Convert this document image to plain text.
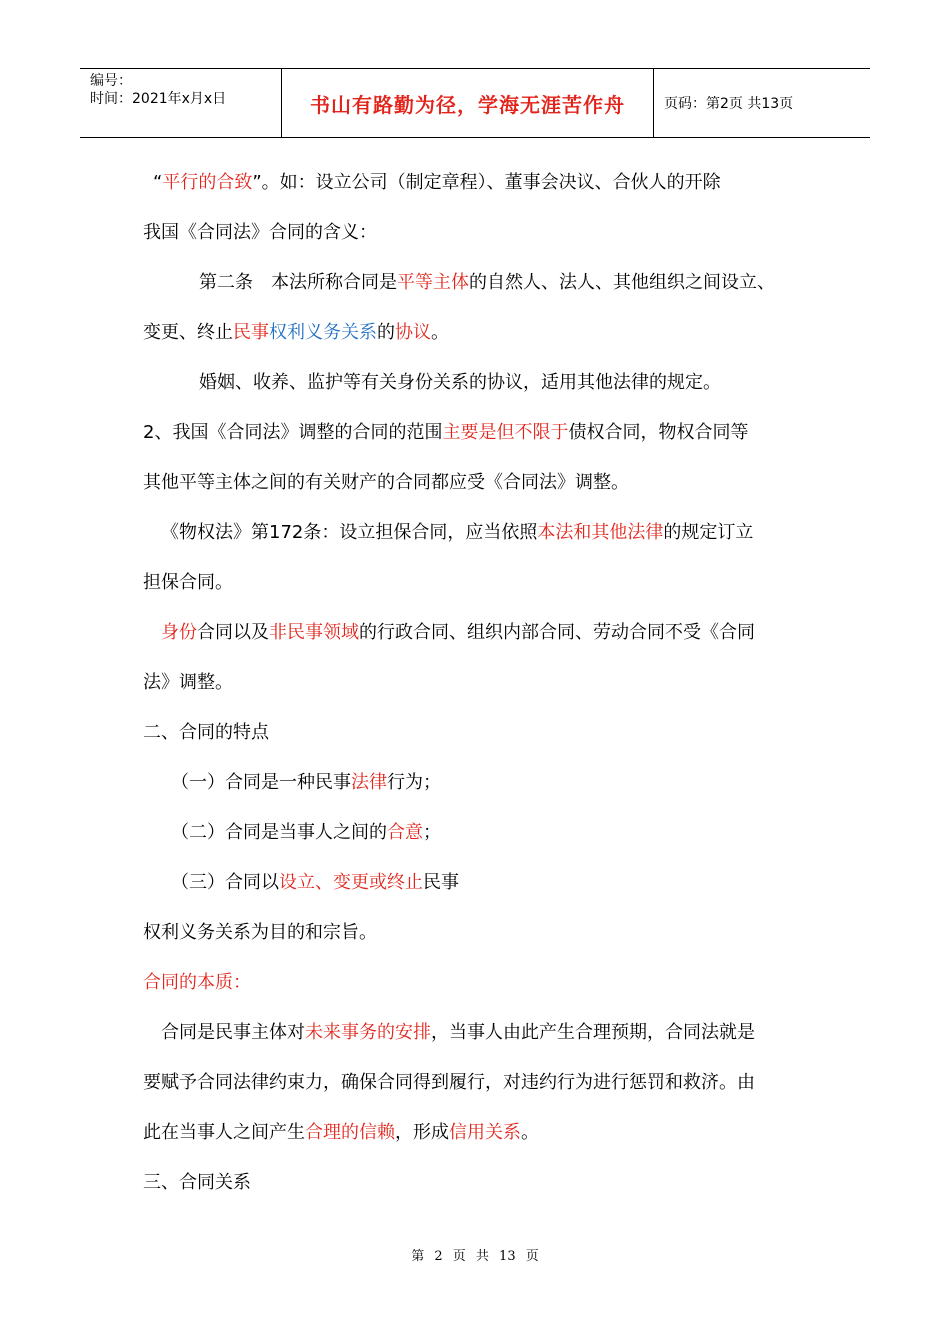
编号：
时间：2021年x月x日	书山有路勤为径，学海无涯苦作舟	页码：第2页 共13页
“平行的合致”。如：设立公司（制定章程）、董事会决议、合伙人的开除
我国《合同法》合同的含义：
第二条　本法所称合同是平等主体的自然人、法人、其他组织之间设立、
变更、终止民事权利义务关系的协议。
婚姻、收养、监护等有关身份关系的协议，适用其他法律的规定。
2、我国《合同法》调整的合同的范围主要是但不限于债权合同，物权合同等
其他平等主体之间的有关财产的合同都应受《合同法》调整。
《物权法》第172条：设立担保合同，应当依照本法和其他法律的规定订立
担保合同。
身份合同以及非民事领域的行政合同、组织内部合同、劳动合同不受《合同
法》调整。
二、合同的特点
（一）合同是一种民事法律行为；
（二）合同是当事人之间的合意；
（三）合同以设立、变更或终止民事
权利义务关系为目的和宗旨。
合同的本质：
合同是民事主体对未来事务的安排，当事人由此产生合理预期，合同法就是
要赋予合同法律约束力，确保合同得到履行，对违约行为进行惩罚和救济。由
此在当事人之间产生合理的信赖，形成信用关系。
三、合同关系
第 2 页 共 13 页
